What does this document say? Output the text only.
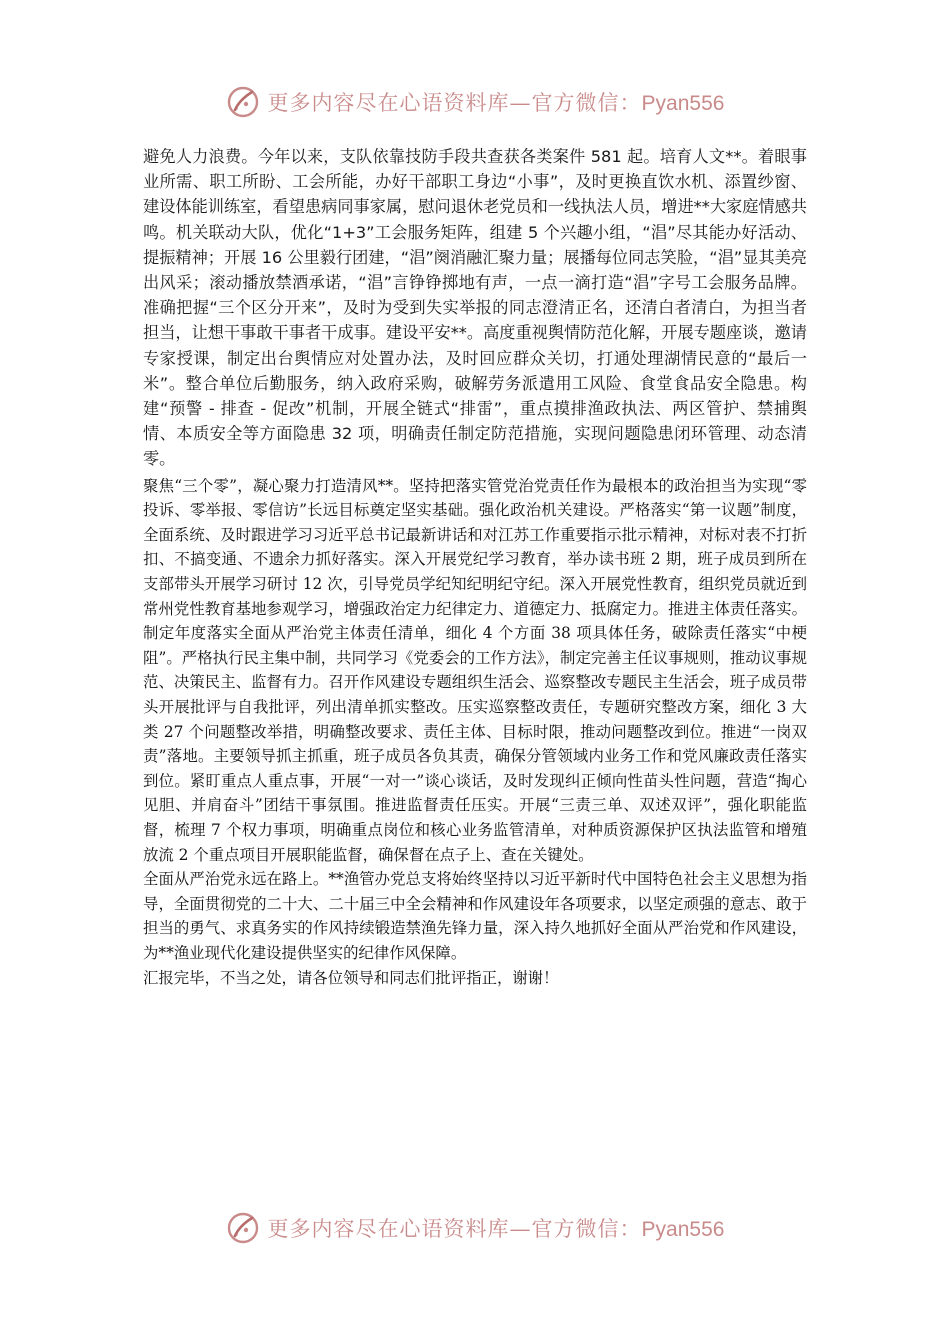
更多内容尽在心语资料库—官方微信：Pyan556

避免人力浪费。今年以来，支队依靠技防手段共查获各类案件 581 起。培育人文**。着眼事业所需、职工所盼、工会所能，办好干部职工身边“小事”，及时更换直饮水机、添置纱窗、建设体能训练室，看望患病同事家属，慰问退休老党员和一线执法人员，增进**大家庭情感共鸣。机关联动大队，优化“1+3”工会服务矩阵，组建 5 个兴趣小组，“淐”尽其能办好活动、提振精神；开展 16 公里毅行团建，“淐”阕消融汇聚力量；展播每位同志笑脸，“淐”显其美亮出风采；滚动播放禁酒承诺，“淐”言铮铮掷地有声，一点一滴打造“淐”字号工会服务品牌。准确把握“三个区分开来”，及时为受到失实举报的同志澄清正名，还清白者清白，为担当者担当，让想干事敢干事者干成事。建设平安**。高度重视舆情防范化解，开展专题座谈，邀请专家授课，制定出台舆情应对处置办法，及时回应群众关切，打通处理湖情民意的“最后一米”。整合单位后勤服务，纳入政府采购，破解劳务派遣用工风险、食堂食品安全隐患。构建“预警 - 排查 - 促改”机制，开展全链式“排雷”，重点摸排渔政执法、两区管护、禁捕舆情、本质安全等方面隐患 32 项，明确责任制定防范措施，实现问题隐患闭环管理、动态清零。

聚焦“三个零”，凝心聚力打造清风**。坚持把落实管党治党责任作为最根本的政治担当为实现“零投诉、零举报、零信访”长远目标奠定坚实基础。强化政治机关建设。严格落实“第一议题”制度，全面系统、及时跟进学习习近平总书记最新讲话和对江苏工作重要指示批示精神，对标对表不打折扣、不搞变通、不遗余力抓好落实。深入开展党纪学习教育，举办读书班 2 期，班子成员到所在支部带头开展学习研讨 12 次，引导党员学纪知纪明纪守纪。深入开展党性教育，组织党员就近到常州党性教育基地参观学习，增强政治定力纪律定力、道德定力、抵腐定力。推进主体责任落实。制定年度落实全面从严治党主体责任清单，细化 4 个方面 38 项具体任务，破除责任落实“中梗阻”。严格执行民主集中制，共同学习《党委会的工作方法》，制定完善主任议事规则，推动议事规范、决策民主、监督有力。召开作风建设专题组织生活会、巡察整改专题民主生活会，班子成员带头开展批评与自我批评，列出清单抓实整改。压实巡察整改责任，专题研究整改方案，细化 3 大类 27 个问题整改举措，明确整改要求、责任主体、目标时限，推动问题整改到位。推进“一岗双责”落地。主要领导抓主抓重，班子成员各负其责，确保分管领域内业务工作和党风廉政责任落实到位。紧盯重点人重点事，开展“一对一”谈心谈话，及时发现纠正倾向性苗头性问题，营造“掏心见胆、并肩奋斗”团结干事氛围。推进监督责任压实。开展“三责三单、双述双评”，强化职能监督，梳理 7 个权力事项，明确重点岗位和核心业务监管清单，对种质资源保护区执法监管和增殖放流 2 个重点项目开展职能监督，确保督在点子上、查在关键处。

全面从严治党永远在路上。**渔管办党总支将始终坚持以习近平新时代中国特色社会主义思想为指导，全面贯彻党的二十大、二十届三中全会精神和作风建设年各项要求，以坚定顽强的意志、敢于担当的勇气、求真务实的作风持续锻造禁渔先锋力量，深入持久地抓好全面从严治党和作风建设，为**渔业现代化建设提供坚实的纪律作风保障。

汇报完毕，不当之处，请各位领导和同志们批评指正，谢谢！

更多内容尽在心语资料库—官方微信：Pyan556
